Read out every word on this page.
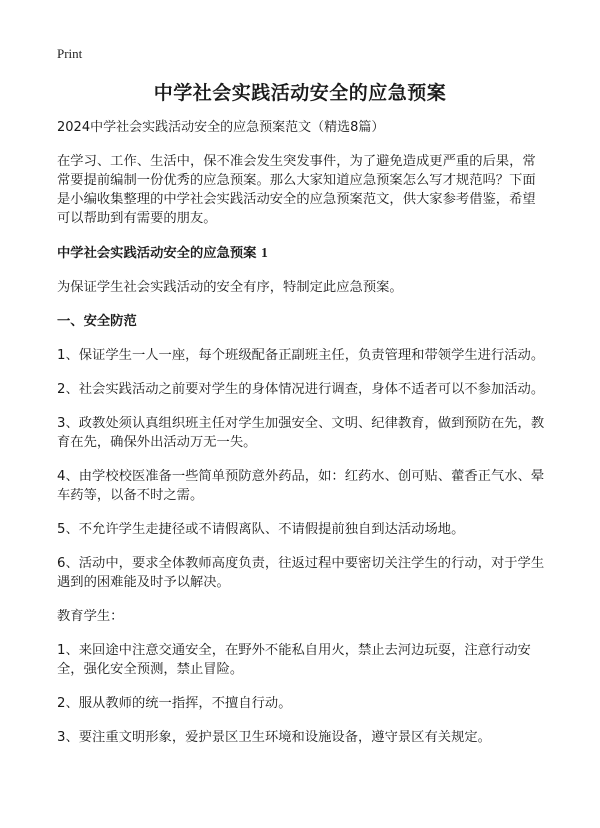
Print
中学社会实践活动安全的应急预案

2024中学社会实践活动安全的应急预案范文（精选8篇）

在学习、工作、生活中，保不准会发生突发事件，为了避免造成更严重的后果，常常要提前编制一份优秀的应急预案。那么大家知道应急预案怎么写才规范吗？下面是小编收集整理的中学社会实践活动安全的应急预案范文，供大家参考借鉴，希望可以帮助到有需要的朋友。

中学社会实践活动安全的应急预案 1

为保证学生社会实践活动的安全有序，特制定此应急预案。

一、安全防范

1、保证学生一人一座，每个班级配备正副班主任，负责管理和带领学生进行活动。

2、社会实践活动之前要对学生的身体情况进行调查，身体不适者可以不参加活动。

3、政教处须认真组织班主任对学生加强安全、文明、纪律教育，做到预防在先，教育在先，确保外出活动万无一失。

4、由学校校医准备一些简单预防意外药品，如：红药水、创可贴、藿香正气水、晕车药等，以备不时之需。

5、不允许学生走捷径或不请假离队、不请假提前独自到达活动场地。

6、活动中，要求全体教师高度负责，往返过程中要密切关注学生的行动，对于学生遇到的困难能及时予以解决。

教育学生：

1、来回途中注意交通安全，在野外不能私自用火，禁止去河边玩耍，注意行动安全，强化安全预测，禁止冒险。

2、服从教师的统一指挥，不擅自行动。

3、要注重文明形象，爱护景区卫生环境和设施设备，遵守景区有关规定。
